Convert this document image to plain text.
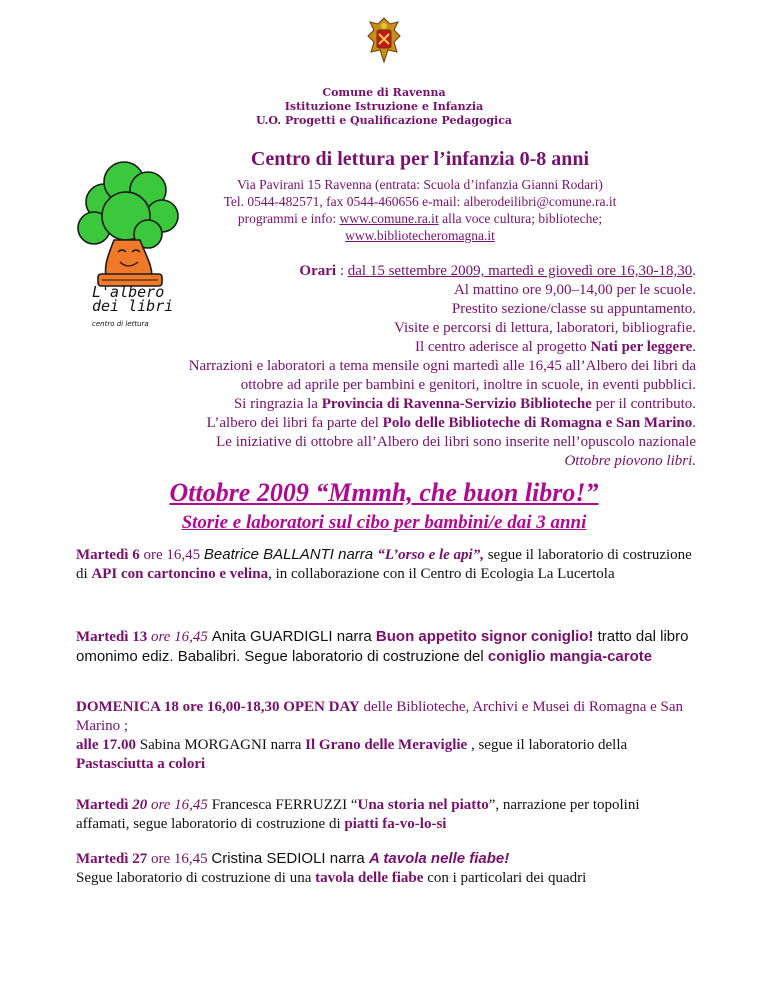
Comune di Ravenna
Istituzione Istruzione e Infanzia
U.O. Progetti e Qualificazione Pedagogica
L'albero
dei libri
centro di lettura
Centro di lettura per l’infanzia 0-8 anni
Via Pavirani 15 Ravenna (entrata: Scuola d’infanzia Gianni Rodari)
Tel. 0544-482571, fax 0544-460656 e-mail: alberodeilibri@comune.ra.it
programmi e info: www.comune.ra.it alla voce cultura; biblioteche;
www.bibliotecheromagna.it
Orari : dal 15 settembre 2009, martedì e giovedì ore 16,30-18,30.
Al mattino ore 9,00–14,00 per le scuole.
Prestito sezione/classe su appuntamento.
Visite e percorsi di lettura, laboratori, bibliografie.
Il centro aderisce al progetto Nati per leggere.
Narrazioni e laboratori a tema mensile ogni martedì alle 16,45 all’Albero dei libri da
ottobre ad aprile per bambini e genitori, inoltre in scuole, in eventi pubblici.
Si ringrazia la Provincia di Ravenna-Servizio Biblioteche per il contributo.
L’albero dei libri fa parte del Polo delle Biblioteche di Romagna e San Marino.
Le iniziative di ottobre all’Albero dei libri sono inserite nell’opuscolo nazionale
Ottobre piovono libri.
Ottobre 2009 “Mmmh, che buon libro!”
Storie e laboratori sul cibo per bambini/e dai 3 anni
Martedì 6 ore 16,45 Beatrice BALLANTI narra “L’orso e le api”, segue il laboratorio di costruzione di API con cartoncino e velina, in collaborazione con il Centro di Ecologia La Lucertola
Martedì 13 ore 16,45 Anita GUARDIGLI narra Buon appetito signor coniglio! tratto dal libro omonimo ediz. Babalibri. Segue laboratorio di costruzione del coniglio mangia-carote
DOMENICA 18 ore 16,00-18,30 OPEN DAY delle Biblioteche, Archivi e Musei di Romagna e San Marino ;
alle 17.00 Sabina MORGAGNI narra Il Grano delle Meraviglie , segue il laboratorio della Pastasciutta a colori
Martedì 20 ore 16,45 Francesca FERRUZZI “Una storia nel piatto”, narrazione per topolini affamati, segue laboratorio di costruzione di piatti fa-vo-lo-si
Martedì 27 ore 16,45 Cristina SEDIOLI narra A tavola nelle fiabe!
Segue laboratorio di costruzione di una tavola delle fiabe con i particolari dei quadri
